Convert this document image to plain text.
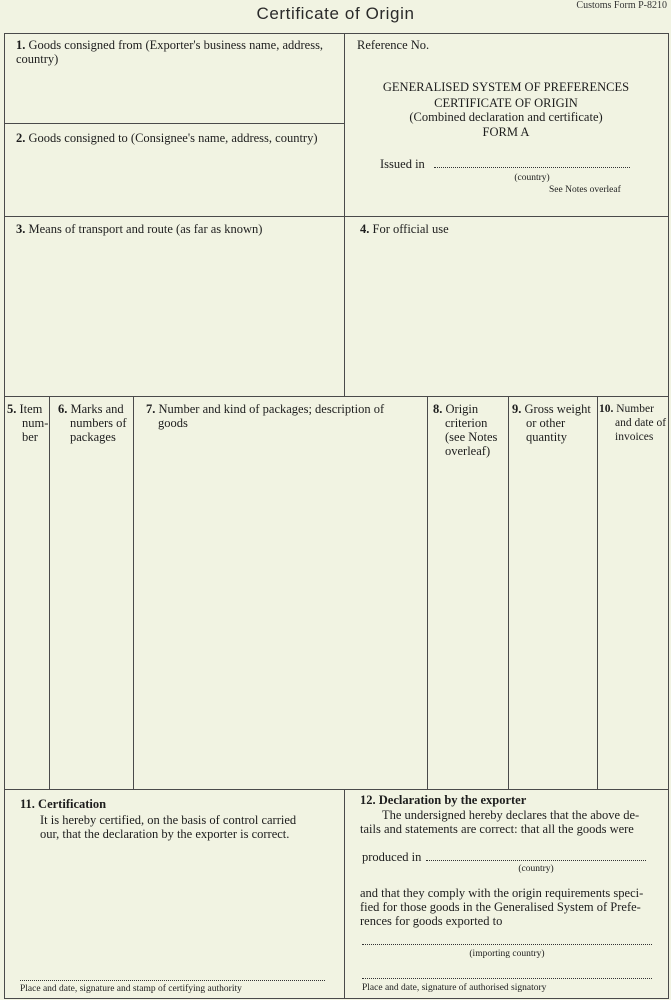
Certificate of Origin	Customs Form P-8210
1. Goods consigned from (Exporter's business name, address, country)
2. Goods consigned to (Consignee's name, address, country)
Reference No.
GENERALISED SYSTEM OF PREFERENCES
CERTIFICATE OF ORIGIN
(Combined declaration and certificate)
FORM A
Issued in
(country)
See Notes overleaf
3. Means of transport and route (as far as known)	4. For official use
5. Item
num-
ber
6. Marks and
numbers of
packages
7. Number and kind of packages; description of
goods
8. Origin
criterion
(see Notes
overleaf)
9. Gross weight
or other
quantity
10. Number
and date of
invoices
11. Certification
It is hereby certified, on the basis of control carried
our, that the declaration by the exporter is correct.
Place and date, signature and stamp of certifying authority
12. Declaration by the exporter
The undersigned hereby declares that the above de-
tails and statements are correct: that all the goods were
produced in
(country)
and that they comply with the origin requirements speci-
fied for those goods in the Generalised System of Prefe-
rences for goods exported to
(importing country)
Place and date, signature of authorised signatory
